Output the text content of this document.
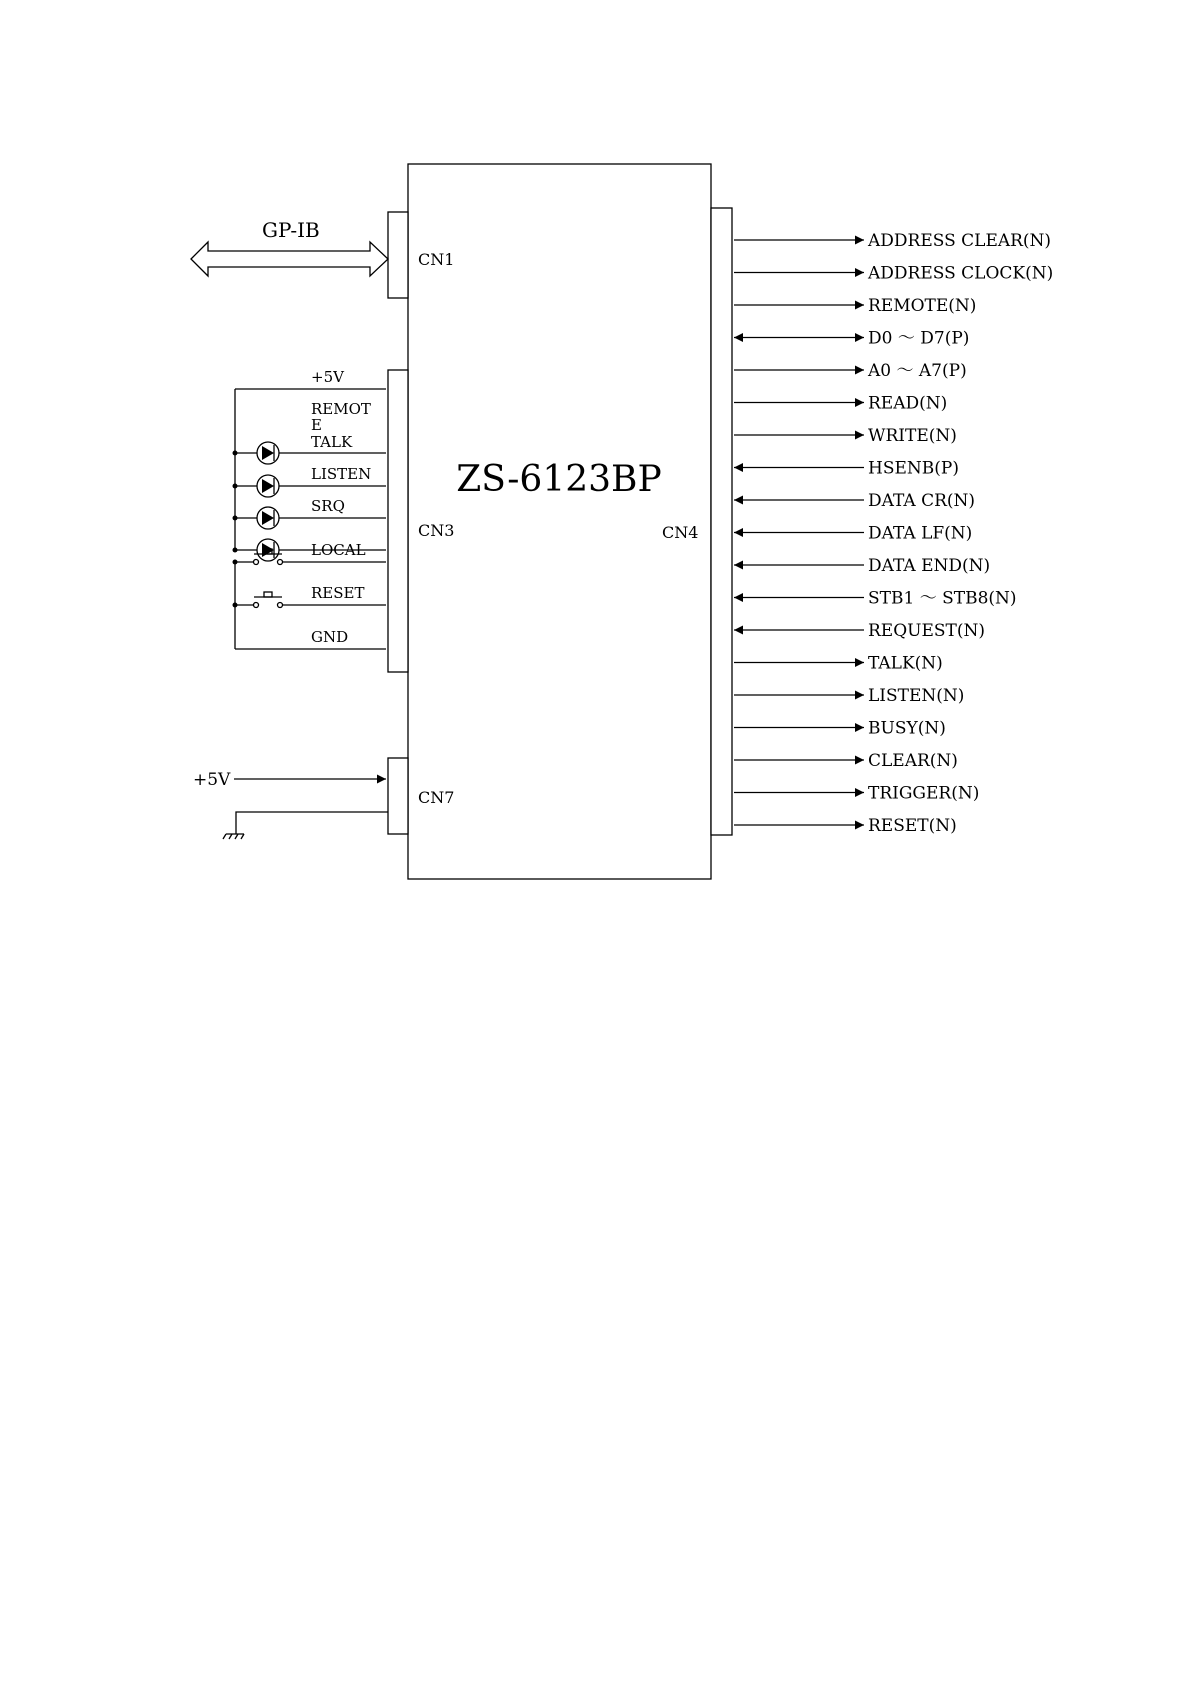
ZS-6123BP
CN1
GP-IB
CN3
+5V
REMOT
E
TALK
LISTEN
SRQ
LOCAL
RESET
GND
CN7
+5V
CN4
ADDRESS CLEAR(N)
ADDRESS CLOCK(N)
REMOTE(N)
D0 ～ D7(P)
A0 ～ A7(P)
READ(N)
WRITE(N)
HSENB(P)
DATA CR(N)
DATA LF(N)
DATA END(N)
STB1 ～ STB8(N)
REQUEST(N)
TALK(N)
LISTEN(N)
BUSY(N)
CLEAR(N)
TRIGGER(N)
RESET(N)
